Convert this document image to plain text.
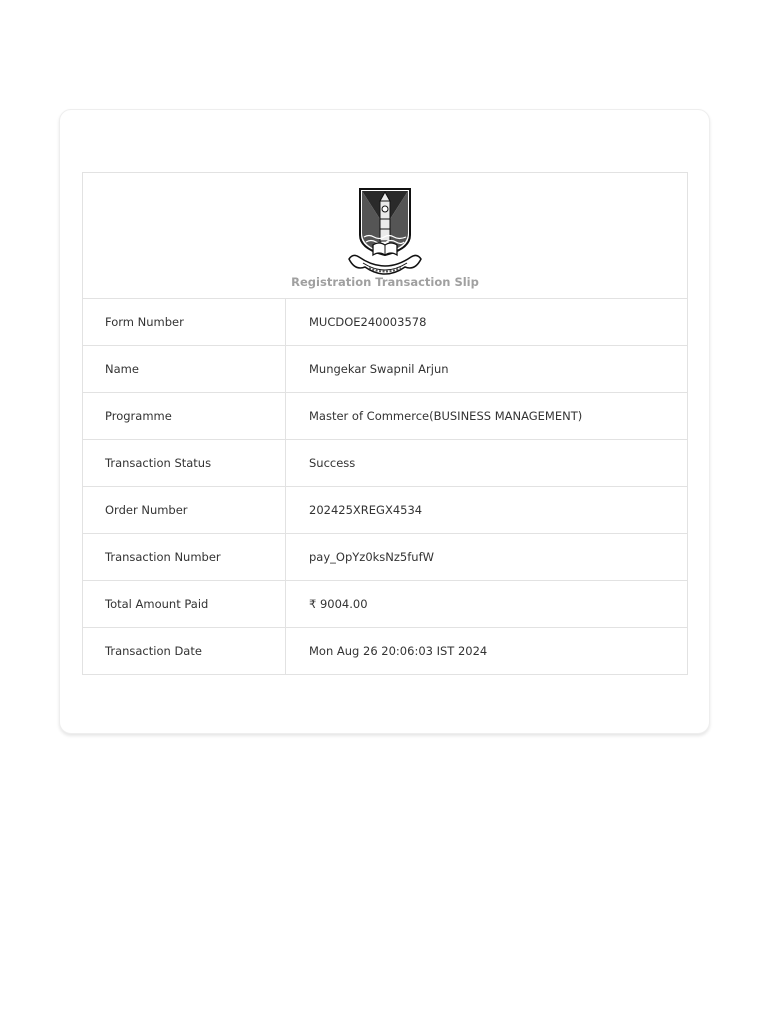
Registration Transaction Slip	

Form Number	MUCDOE240003578
Name	Mungekar Swapnil Arjun
Programme	Master of Commerce(BUSINESS MANAGEMENT)
Transaction Status	Success
Order Number	202425XREGX4534
Transaction Number	pay_OpYz0ksNz5fufW
Total Amount Paid	₹ 9004.00
Transaction Date	Mon Aug 26 20:06:03 IST 2024
